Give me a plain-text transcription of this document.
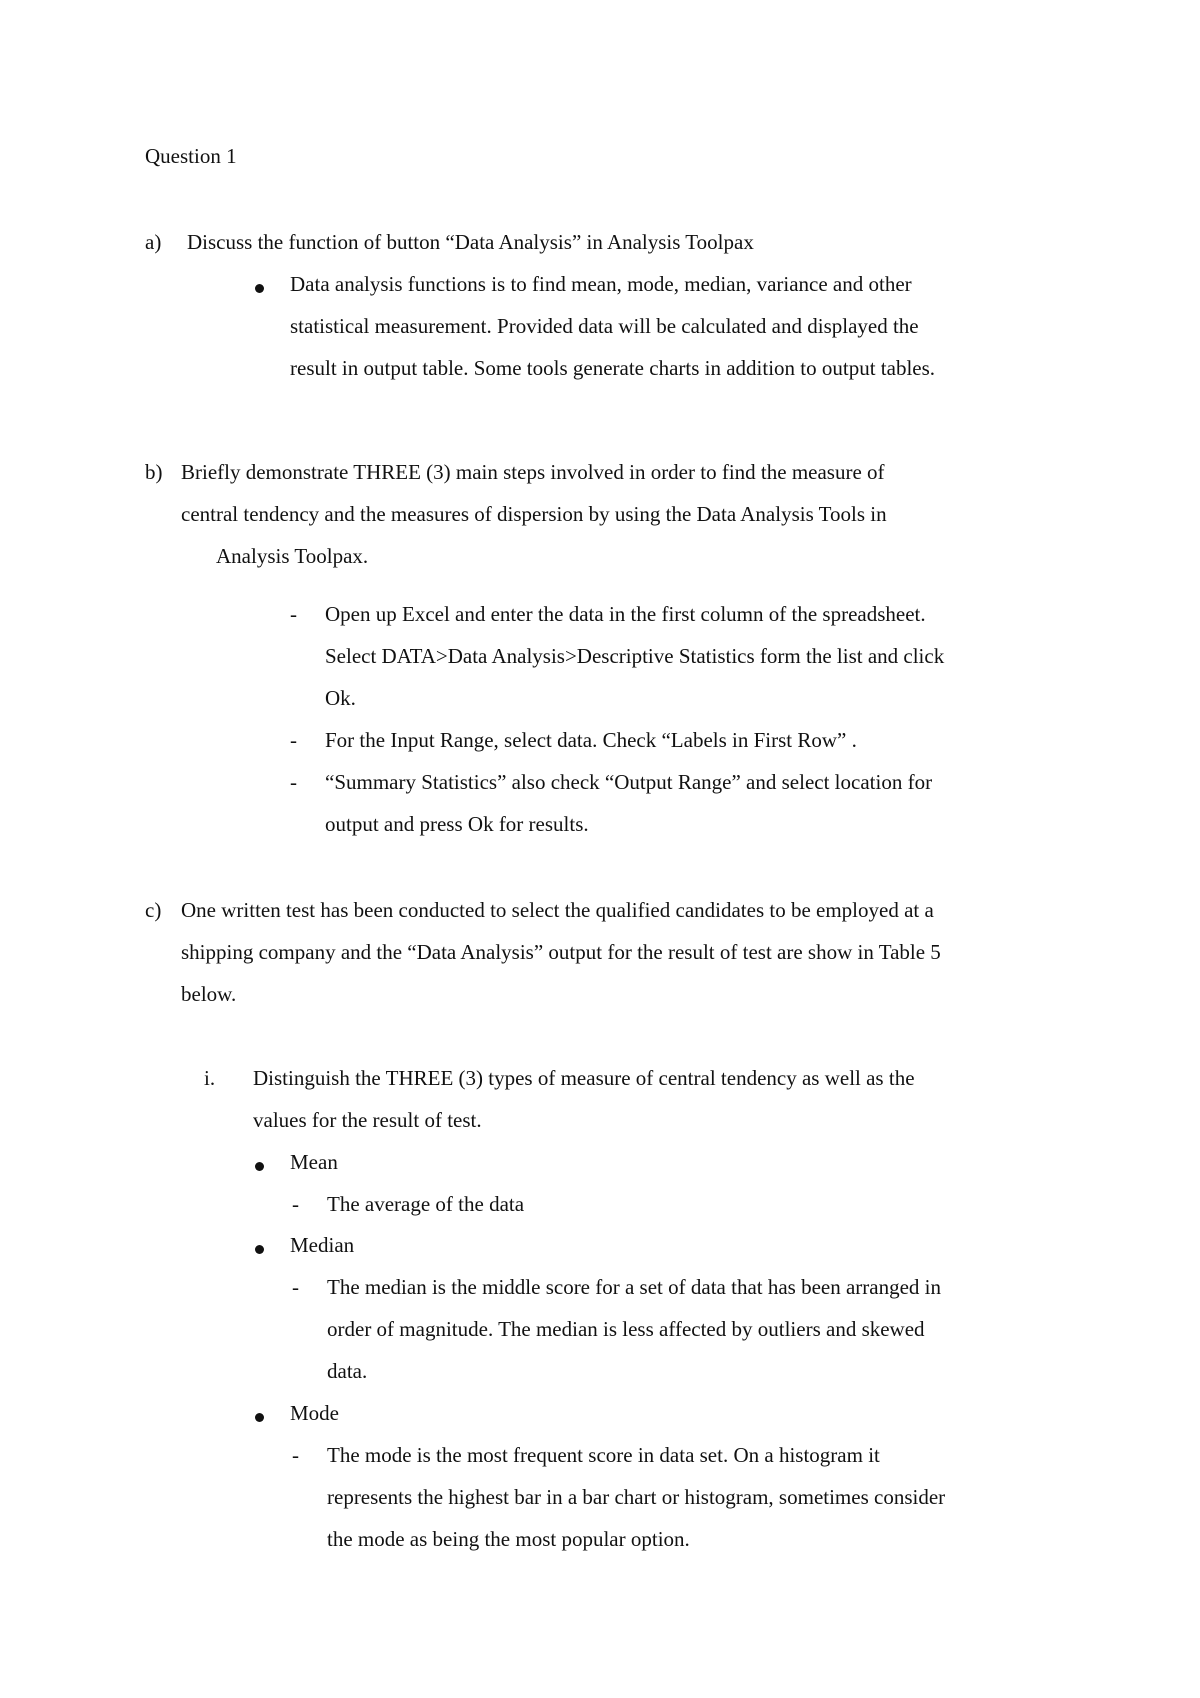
Question 1
a) Discuss the function of button “Data Analysis” in Analysis Toolpax
Data analysis functions is to find mean, mode, median, variance and other
statistical measurement. Provided data will be calculated and displayed the
result in output table. Some tools generate charts in addition to output tables.
b) Briefly demonstrate THREE (3) main steps involved in order to find the measure of
central tendency and the measures of dispersion by using the Data Analysis Tools in
Analysis Toolpax.
- Open up Excel and enter the data in the first column of the spreadsheet.
Select DATA>Data Analysis>Descriptive Statistics form the list and click
Ok.
- For the Input Range, select data. Check “Labels in First Row” .
- “Summary Statistics” also check “Output Range” and select location for
output and press Ok for results.
c) One written test has been conducted to select the qualified candidates to be employed at a
shipping company and the “Data Analysis” output for the result of test are show in Table 5
below.
i. Distinguish the THREE (3) types of measure of central tendency as well as the
values for the result of test.
Mean
- The average of the data
Median
- The median is the middle score for a set of data that has been arranged in
order of magnitude. The median is less affected by outliers and skewed
data.
Mode
- The mode is the most frequent score in data set. On a histogram it
represents the highest bar in a bar chart or histogram, sometimes consider
the mode as being the most popular option.
